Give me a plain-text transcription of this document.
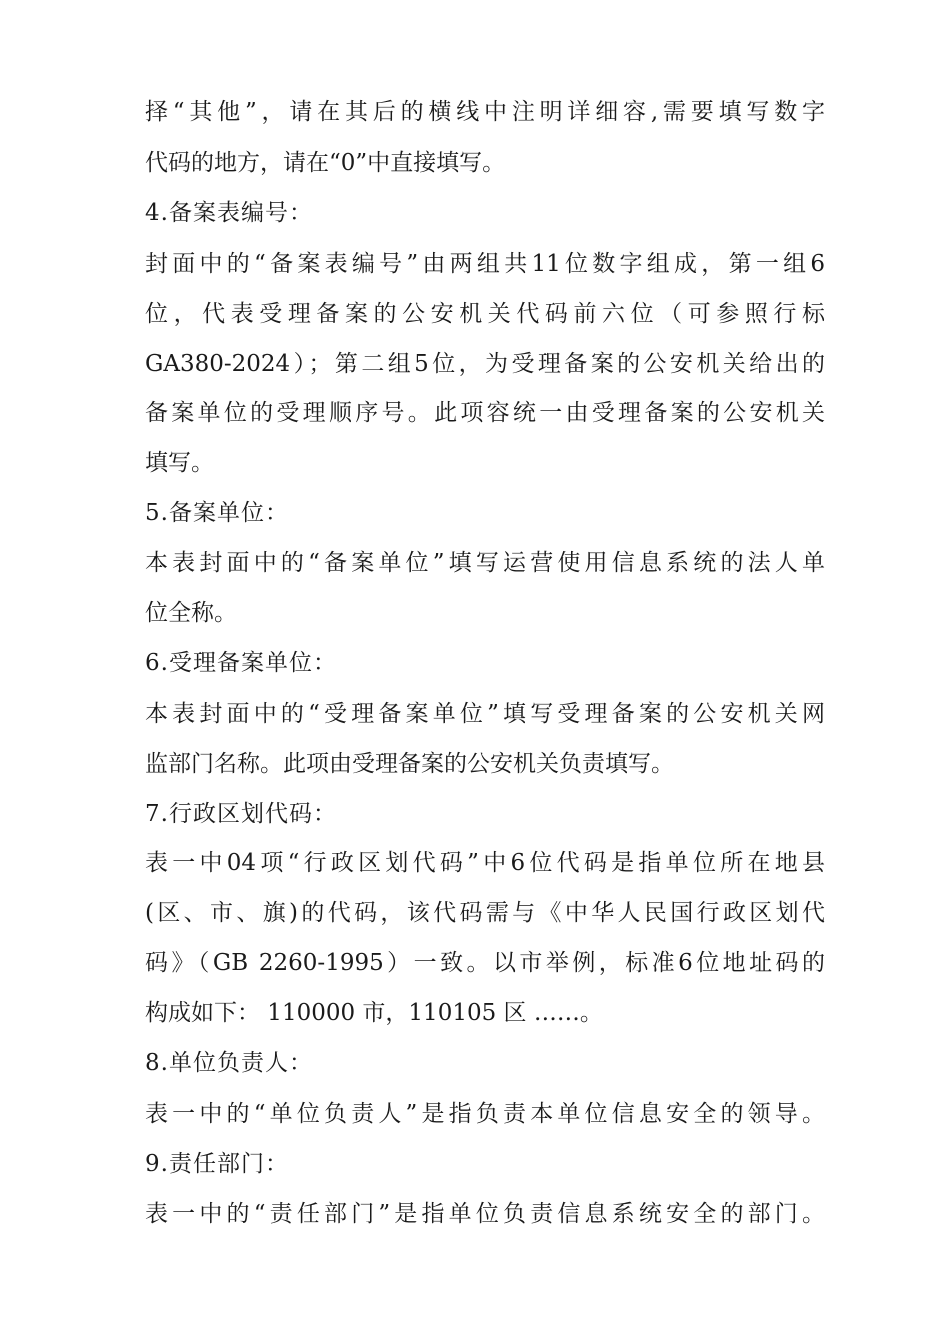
择“其他”，请在其后的横线中注明详细容,需要填写数字
代码的地方，请在“0”中直接填写。
4.备案表编号：
封面中的“备案表编号”由两组共11位数字组成，第一组6
位，代表受理备案的公安机关代码前六位（可参照行标
GA380-2024）；第二组5位，为受理备案的公安机关给出的
备案单位的受理顺序号。此项容统一由受理备案的公安机关
填写。
5.备案单位：
本表封面中的“备案单位”填写运营使用信息系统的法人单
位全称。
6.受理备案单位：
本表封面中的“受理备案单位”填写受理备案的公安机关网
监部门名称。此项由受理备案的公安机关负责填写。
7.行政区划代码：
表一中04项“行政区划代码”中6位代码是指单位所在地县
(区、市、旗)的代码，该代码需与《中华人民国行政区划代
码》（GB 2260-1995）一致。以市举例，标准6位地址码的
构成如下： 110000 市，110105 区 ……。
8.单位负责人：
表一中的“单位负责人”是指负责本单位信息安全的领导。
9.责任部门：
表一中的“责任部门”是指单位负责信息系统安全的部门。
